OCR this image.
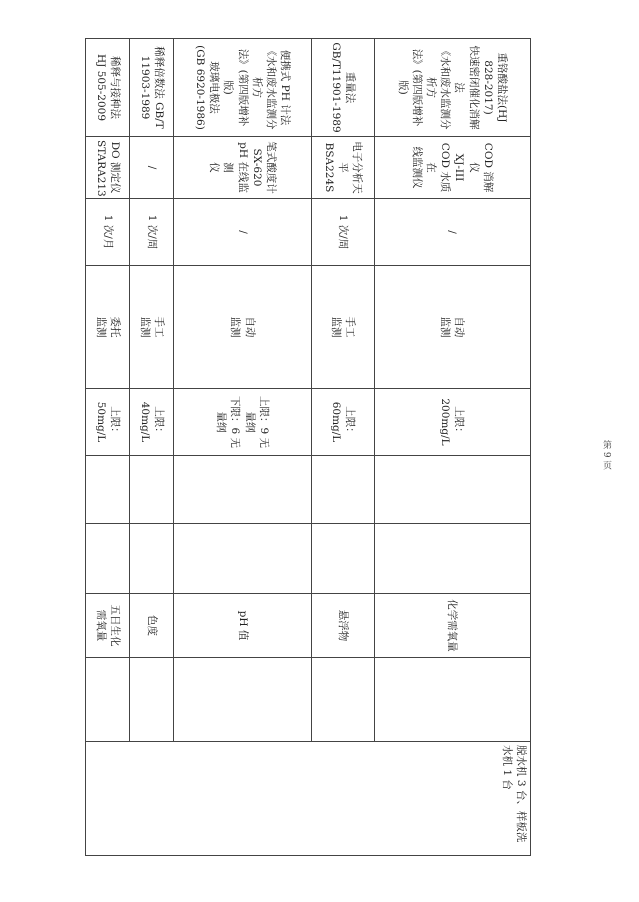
重铬酸盐法(HJ
828-2017)
快速密闭催化消解法
《水和废水监测分析方
法》(第四版增补版)	COD 消解仪
XJ-III
COD 水质在
线监测仪	/	自动
监测	上限：
200mg/L			化学需氧量		脱水机 3 台、样板洗水机 1 台
重量法 GB/T11901-1989	电子分析天
平 BSA224S	1 次/周	手工
监测	上限：
60mg/L			悬浮物		
便携式 PH 计法
《水和废水监测分析方
法》(第四版增补版)
玻璃电极法
(GB 6920-1986)	笔式酸度计
SX-620
pH 在线监测
仪	/	自动
监测	上限：9 无
量纲
下限：6 无
量纲			pH 值		
稀释倍数法 GB/T
11903-1989	/	1 次/周	手工
监测	上限：
40mg/L			色度		
稀释与接种法
HJ 505-2009	DO 测定仪
STARA213	1 次/月	委托
监测	上限：
50mg/L			五日生化
需氧量		
第 9 页
